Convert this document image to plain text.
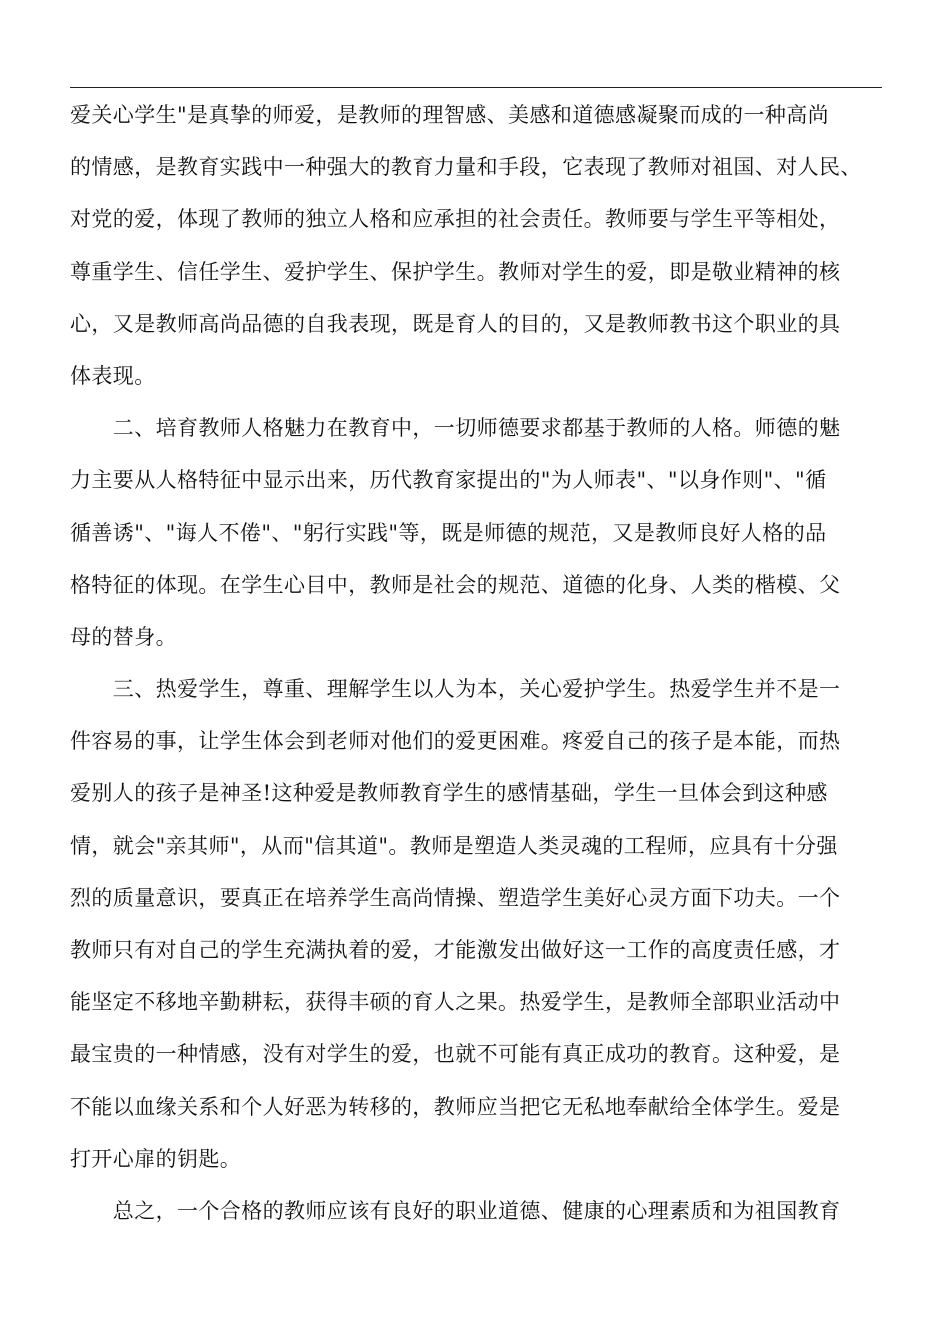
爱关心学生"是真挚的师爱，是教师的理智感、美感和道德感凝聚而成的一种高尚
的情感，是教育实践中一种强大的教育力量和手段，它表现了教师对祖国、对人民、
对党的爱，体现了教师的独立人格和应承担的社会责任。教师要与学生平等相处，
尊重学生、信任学生、爱护学生、保护学生。教师对学生的爱，即是敬业精神的核
心，又是教师高尚品德的自我表现，既是育人的目的，又是教师教书这个职业的具
体表现。
　　二、培育教师人格魅力在教育中，一切师德要求都基于教师的人格。师德的魅
力主要从人格特征中显示出来，历代教育家提出的"为人师表"、"以身作则"、"循
循善诱"、"诲人不倦"、"躬行实践"等，既是师德的规范，又是教师良好人格的品
格特征的体现。在学生心目中，教师是社会的规范、道德的化身、人类的楷模、父
母的替身。
　　三、热爱学生，尊重、理解学生以人为本，关心爱护学生。热爱学生并不是一
件容易的事，让学生体会到老师对他们的爱更困难。疼爱自己的孩子是本能，而热
爱别人的孩子是神圣!这种爱是教师教育学生的感情基础，学生一旦体会到这种感
情，就会"亲其师"，从而"信其道"。教师是塑造人类灵魂的工程师，应具有十分强
烈的质量意识，要真正在培养学生高尚情操、塑造学生美好心灵方面下功夫。一个
教师只有对自己的学生充满执着的爱，才能激发出做好这一工作的高度责任感，才
能坚定不移地辛勤耕耘，获得丰硕的育人之果。热爱学生，是教师全部职业活动中
最宝贵的一种情感，没有对学生的爱，也就不可能有真正成功的教育。这种爱，是
不能以血缘关系和个人好恶为转移的，教师应当把它无私地奉献给全体学生。爱是
打开心扉的钥匙。
　　总之，一个合格的教师应该有良好的职业道德、健康的心理素质和为祖国教育
